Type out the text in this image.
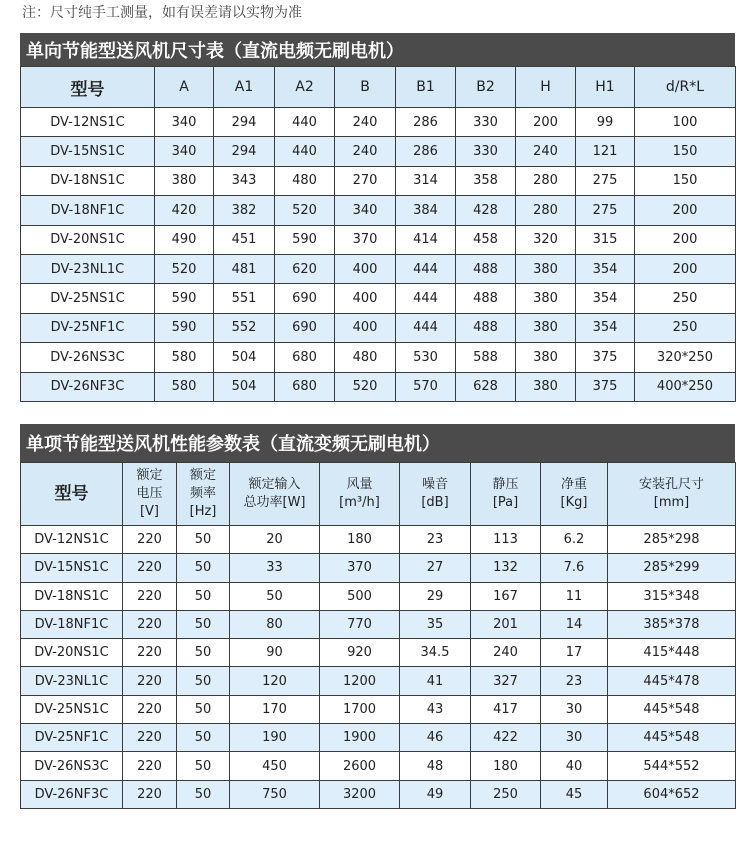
注：尺寸纯手工测量，如有误差请以实物为准
单向节能型送风机尺寸表（直流电频无刷电机）
型号	A	A1	A2	B	B1	B2	H	H1	d/R*L
DV-12NS1C	340	294	440	240	286	330	200	99	100
DV-15NS1C	340	294	440	240	286	330	240	121	150
DV-18NS1C	380	343	480	270	314	358	280	275	150
DV-18NF1C	420	382	520	340	384	428	280	275	200
DV-20NS1C	490	451	590	370	414	458	320	315	200
DV-23NL1C	520	481	620	400	444	488	380	354	200
DV-25NS1C	590	551	690	400	444	488	380	354	250
DV-25NF1C	590	552	690	400	444	488	380	354	250
DV-26NS3C	580	504	680	480	530	588	380	375	320*250
DV-26NF3C	580	504	680	520	570	628	380	375	400*250
单项节能型送风机性能参数表（直流变频无刷电机）
型号	额定
电压
[V]	额定
频率
[Hz]	额定输入
总功率[W]	风量
[m³/h]	噪音
[dB]	静压
[Pa]	净重
[Kg]	安装孔尺寸
[mm]

DV-12NS1C	220	50	20	180	23	113	6.2	285*298
DV-15NS1C	220	50	33	370	27	132	7.6	285*299
DV-18NS1C	220	50	50	500	29	167	11	315*348
DV-18NF1C	220	50	80	770	35	201	14	385*378
DV-20NS1C	220	50	90	920	34.5	240	17	415*448
DV-23NL1C	220	50	120	1200	41	327	23	445*478
DV-25NS1C	220	50	170	1700	43	417	30	445*548
DV-25NF1C	220	50	190	1900	46	422	30	445*548
DV-26NS3C	220	50	450	2600	48	180	40	544*552
DV-26NF3C	220	50	750	3200	49	250	45	604*652
